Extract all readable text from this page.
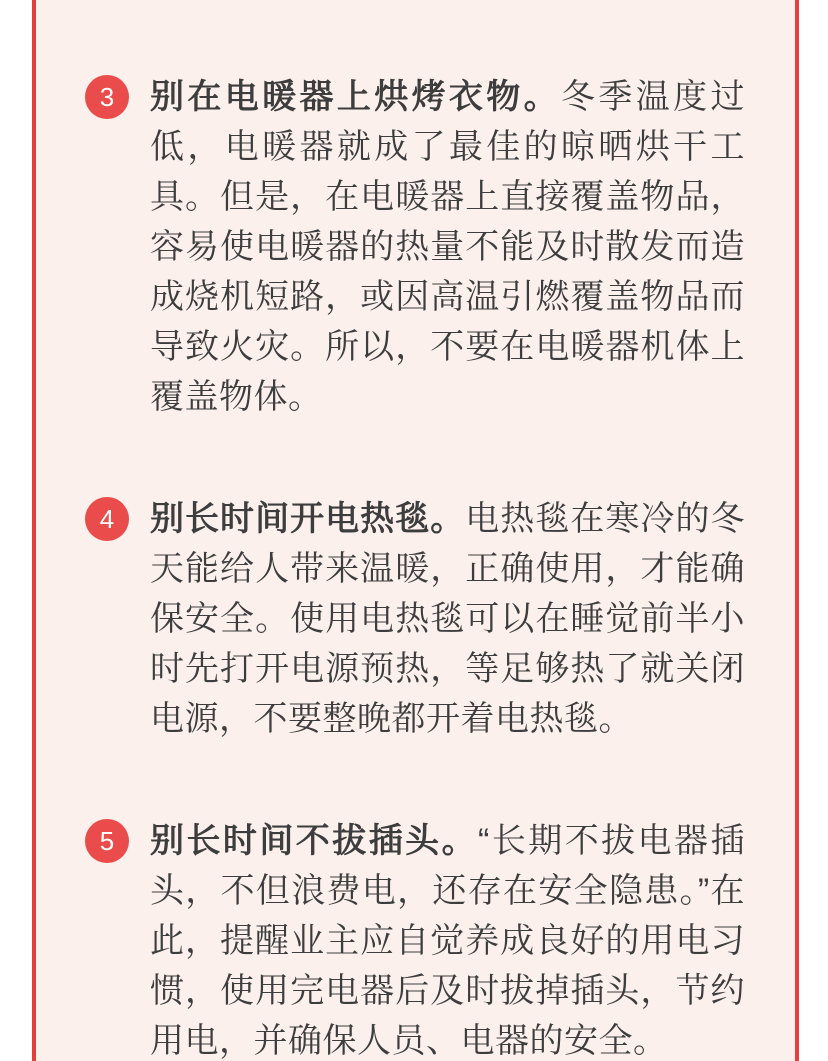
3	别在电暖器上烘烤衣物。冬季温度过低，电暖器就成了最佳的晾晒烘干工具。但是，在电暖器上直接覆盖物品，容易使电暖器的热量不能及时散发而造成烧机短路，或因高温引燃覆盖物品而导致火灾。所以，不要在电暖器机体上覆盖物体。

4	别长时间开电热毯。电热毯在寒冷的冬天能给人带来温暖，正确使用，才能确保安全。使用电热毯可以在睡觉前半小时先打开电源预热，等足够热了就关闭电源，不要整晚都开着电热毯。

5	别长时间不拔插头。“长期不拔电器插头，不但浪费电，还存在安全隐患。”在此，提醒业主应自觉养成良好的用电习惯，使用完电器后及时拔掉插头，节约用电，并确保人员、电器的安全。
